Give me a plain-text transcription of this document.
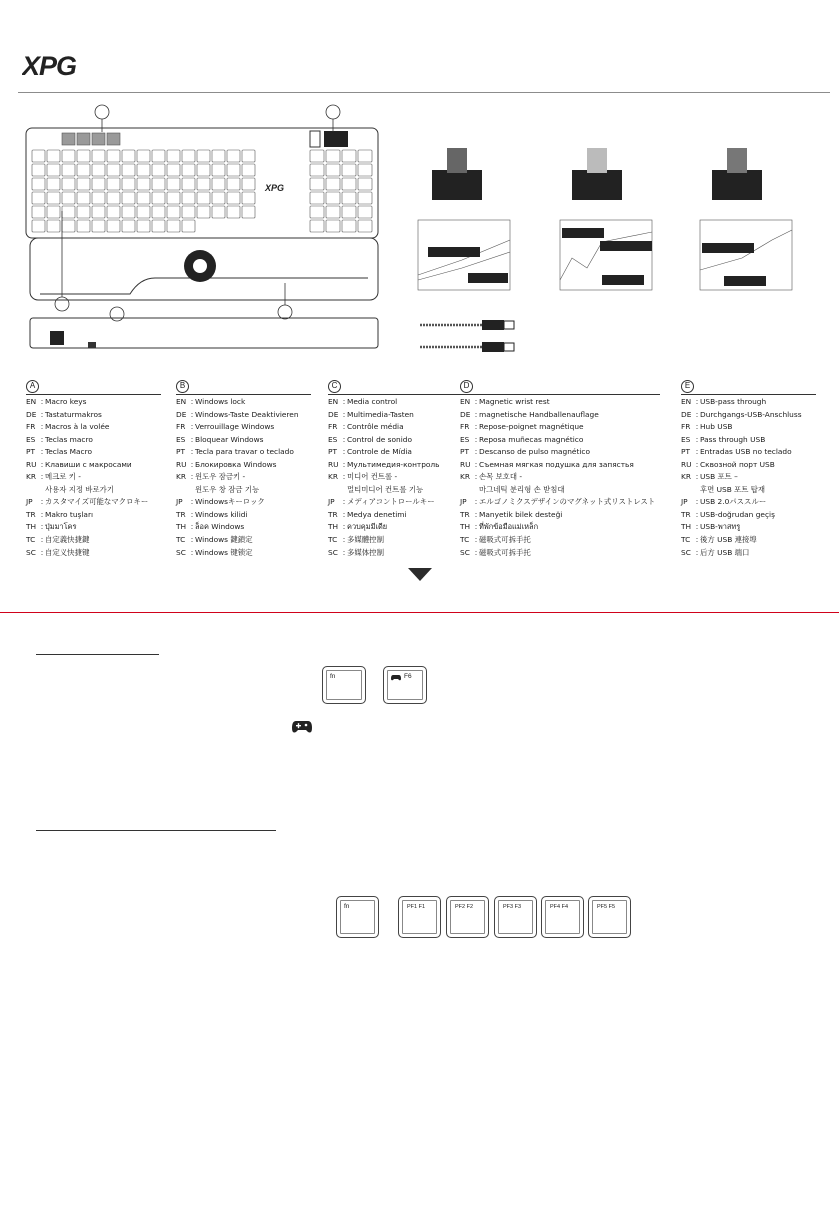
XPG
XPG
A
EN : Macro keys
DE : Tastaturmakros
FR : Macros à la volée
ES : Teclas macro
PT : Teclas Macro
RU : Клавиши с макросами
KR : 메크로 키 -
사용자 지정 바로가기
JP	: カスタマイズ可能なマクロキー
TR : Makro tuşları
TH : ปุ่มมาโคร
TC : 自定義快捷鍵
SC : 自定义快捷键
B
EN : Windows lock
DE : Windows-Taste Deaktivieren
FR : Verrouillage Windows
ES : Bloquear Windows
PT : Tecla para travar o teclado
RU : Блокировка Windows
KR : 윈도우 잠금키 -
윈도우 창 잠금 기능
JP	: Windowsキーロック
TR : Windows kilidi
TH : ล็อค Windows
TC : Windows 鍵鎖定
SC : Windows 键锁定
C
EN : Media control
DE : Multimedia-Tasten
FR : Contrôle média
ES : Control de sonido
PT : Controle de Mídia
RU : Мультимедия-контроль
KR : 미디어 컨트롤 -
멀티미디어 컨트롤 기능
JP	: メディアコントロールキー
TR : Medya denetimi
TH : ควบคุมมีเดีย
TC : 多媒體控制
SC : 多媒体控制
D
EN : Magnetic wrist rest
DE : magnetische Handballenauflage
FR : Repose-poignet magnétique
ES : Reposa muñecas magnético
PT : Descanso de pulso magnético
RU : Съемная мягкая подушка для запястья
KR : 손목 보호대 -
마그네틱 분리형 손 받침대
JP	: エルゴノミクスデザインのマグネット式リストレスト
TR : Manyetik bilek desteği
TH : ที่พักข้อมือแม่เหล็ก
TC : 磁吸式可拆手托
SC : 磁吸式可拆手托
E
EN : USB-pass through
DE : Durchgangs-USB-Anschluss
FR : Hub USB
ES : Pass through USB
PT : Entradas USB no teclado
RU : Сквозной порт USB
KR : USB 포트 –
후면 USB 포트 탑재
JP	: USB 2.0パススルー
TR : USB-doğrudan geçiş
TH : USB-พาสทรู
TC : 後方 USB 連接埠
SC : 后方 USB 端口
fn	F6
fn	PF1 F1	PF2 F2	PF3 F3	PF4 F4	PF5 F5
